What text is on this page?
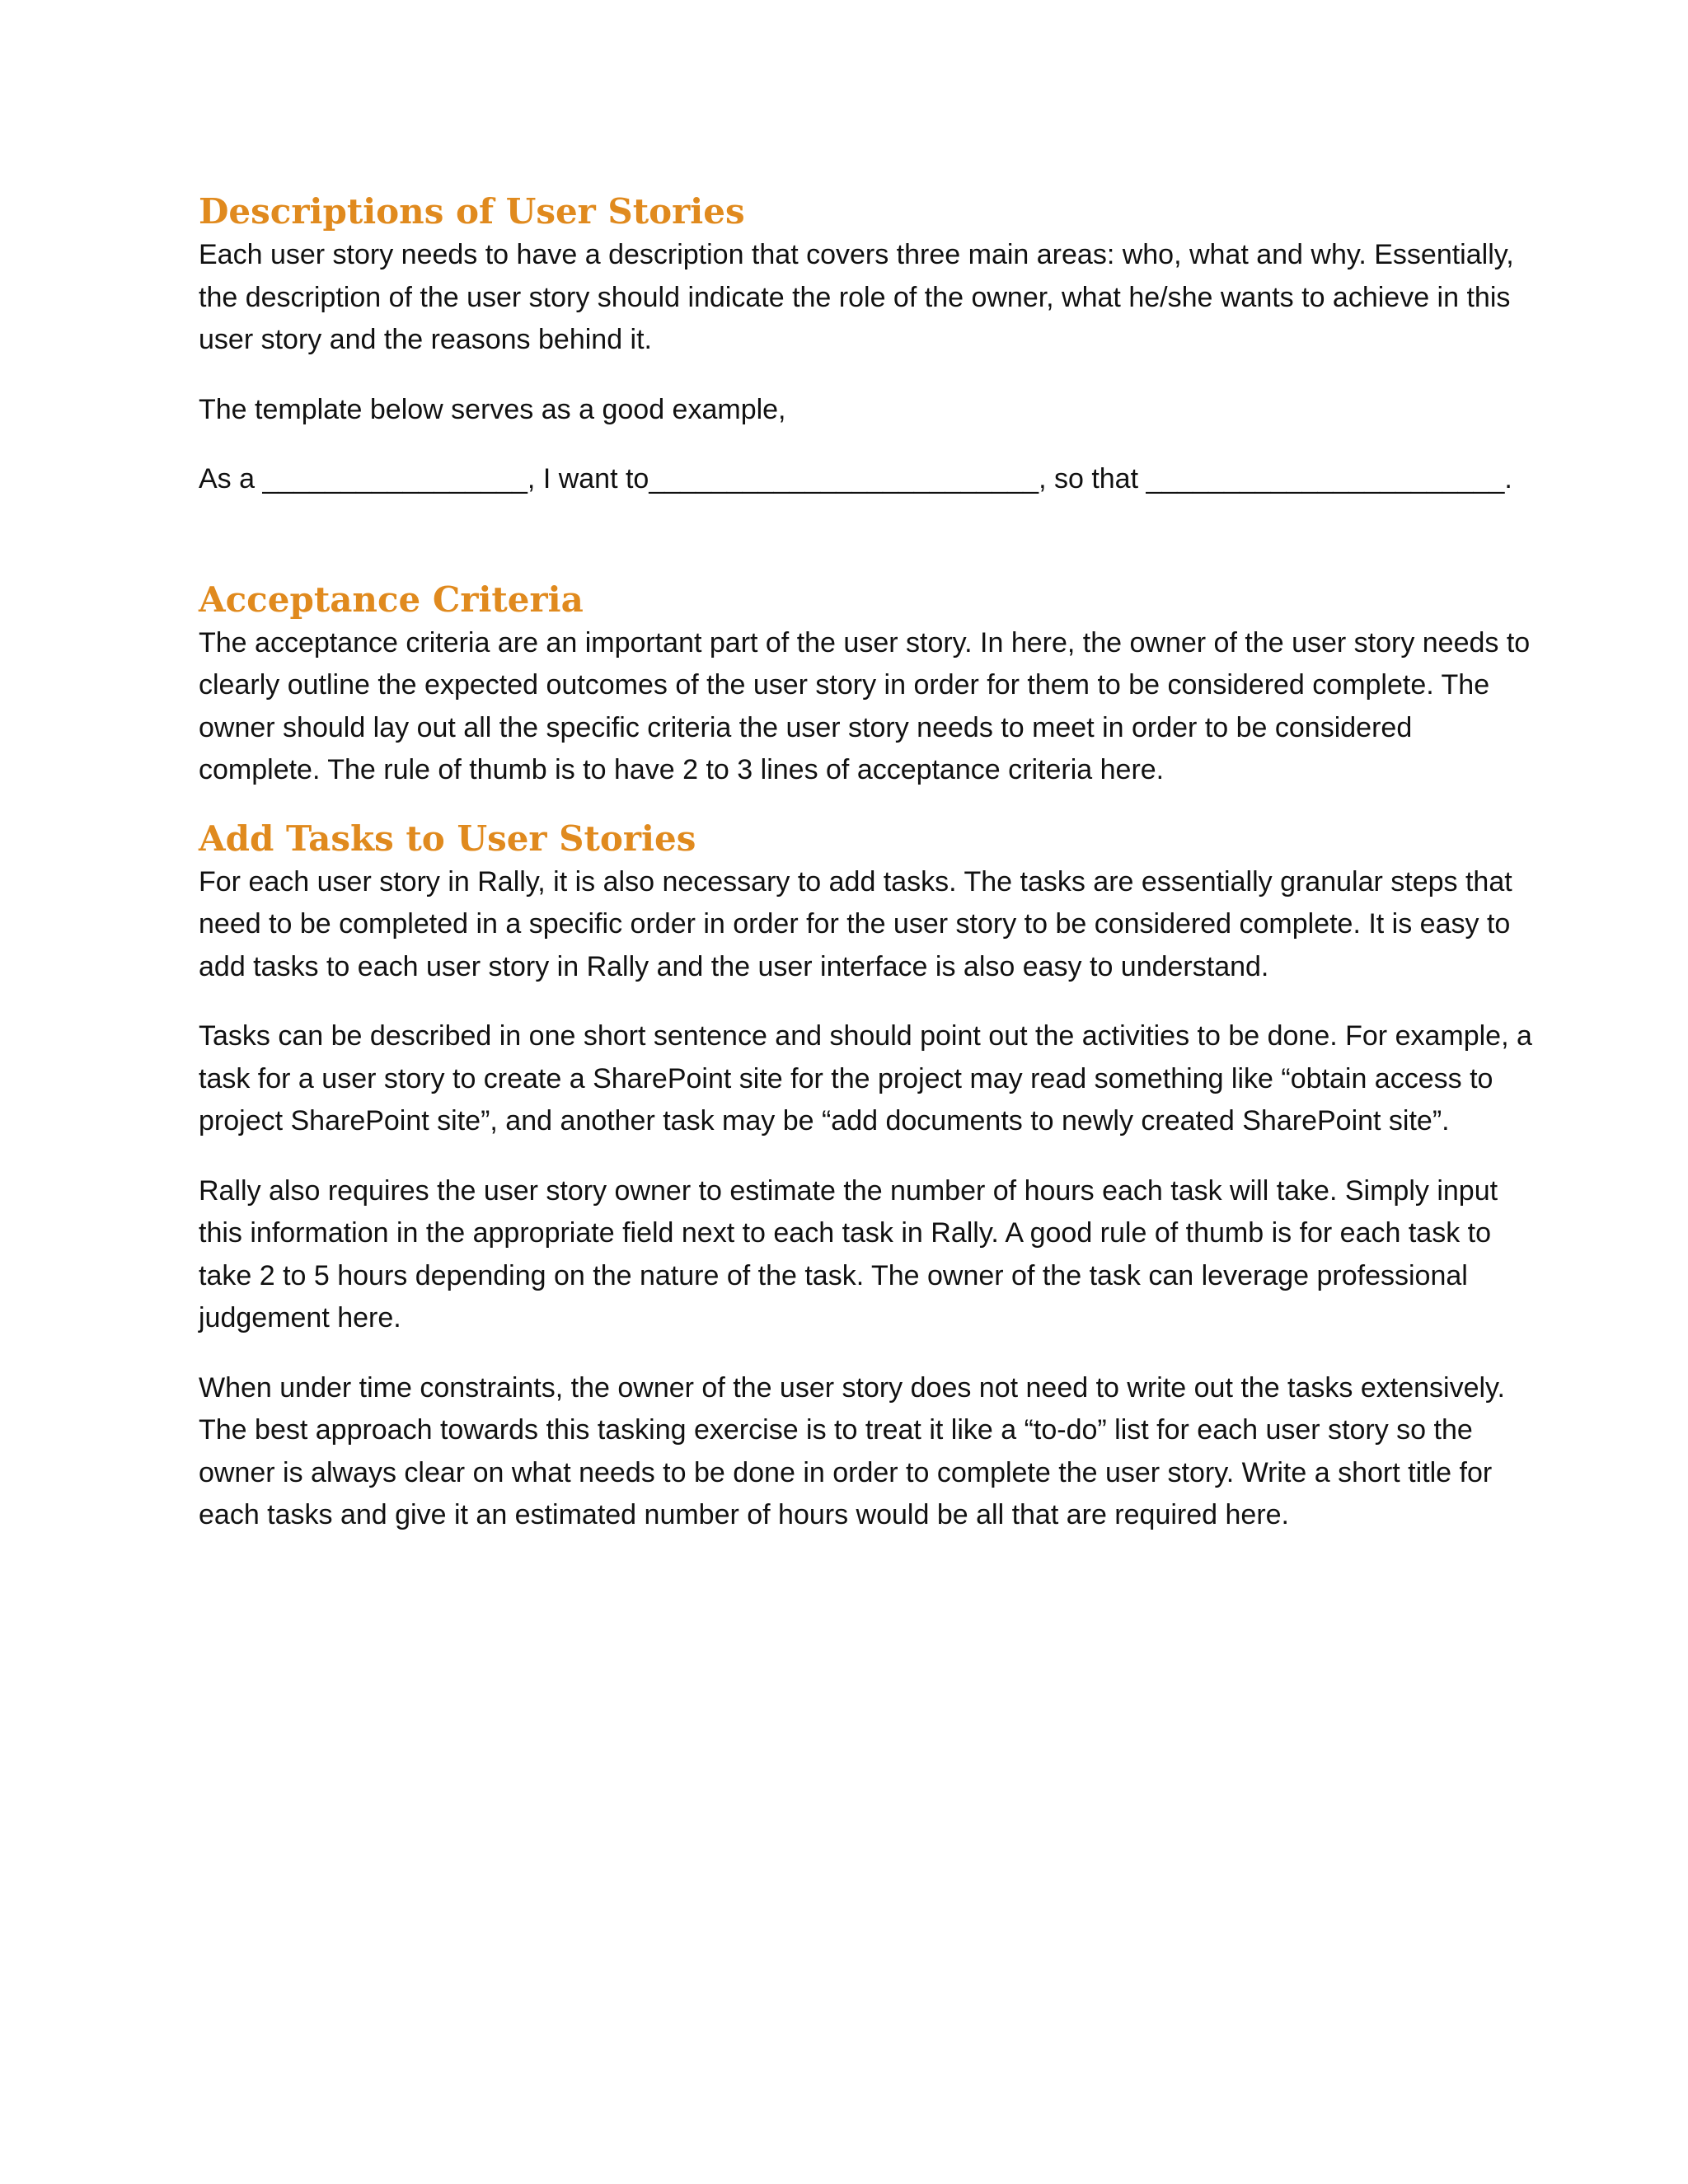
Descriptions of User Stories

Each user story needs to have a description that covers three main areas: who, what and why. Essentially, the description of the user story should indicate the role of the owner, what he/she wants to achieve in this user story and the reasons behind it.

The template below serves as a good example,

As a _________________, I want to_________________________, so that _______________________.

Acceptance Criteria

The acceptance criteria are an important part of the user story. In here, the owner of the user story needs to clearly outline the expected outcomes of the user story in order for them to be considered complete. The owner should lay out all the specific criteria the user story needs to meet in order to be considered complete. The rule of thumb is to have 2 to 3 lines of acceptance criteria here.

Add Tasks to User Stories

For each user story in Rally, it is also necessary to add tasks. The tasks are essentially granular steps that need to be completed in a specific order in order for the user story to be considered complete. It is easy to add tasks to each user story in Rally and the user interface is also easy to understand.

Tasks can be described in one short sentence and should point out the activities to be done. For example, a task for a user story to create a SharePoint site for the project may read something like “obtain access to project SharePoint site”, and another task may be “add documents to newly created SharePoint site”.

Rally also requires the user story owner to estimate the number of hours each task will take. Simply input this information in the appropriate field next to each task in Rally. A good rule of thumb is for each task to take 2 to 5 hours depending on the nature of the task. The owner of the task can leverage professional judgement here.

When under time constraints, the owner of the user story does not need to write out the tasks extensively. The best approach towards this tasking exercise is to treat it like a “to-do” list for each user story so the owner is always clear on what needs to be done in order to complete the user story. Write a short title for each tasks and give it an estimated number of hours would be all that are required here.
